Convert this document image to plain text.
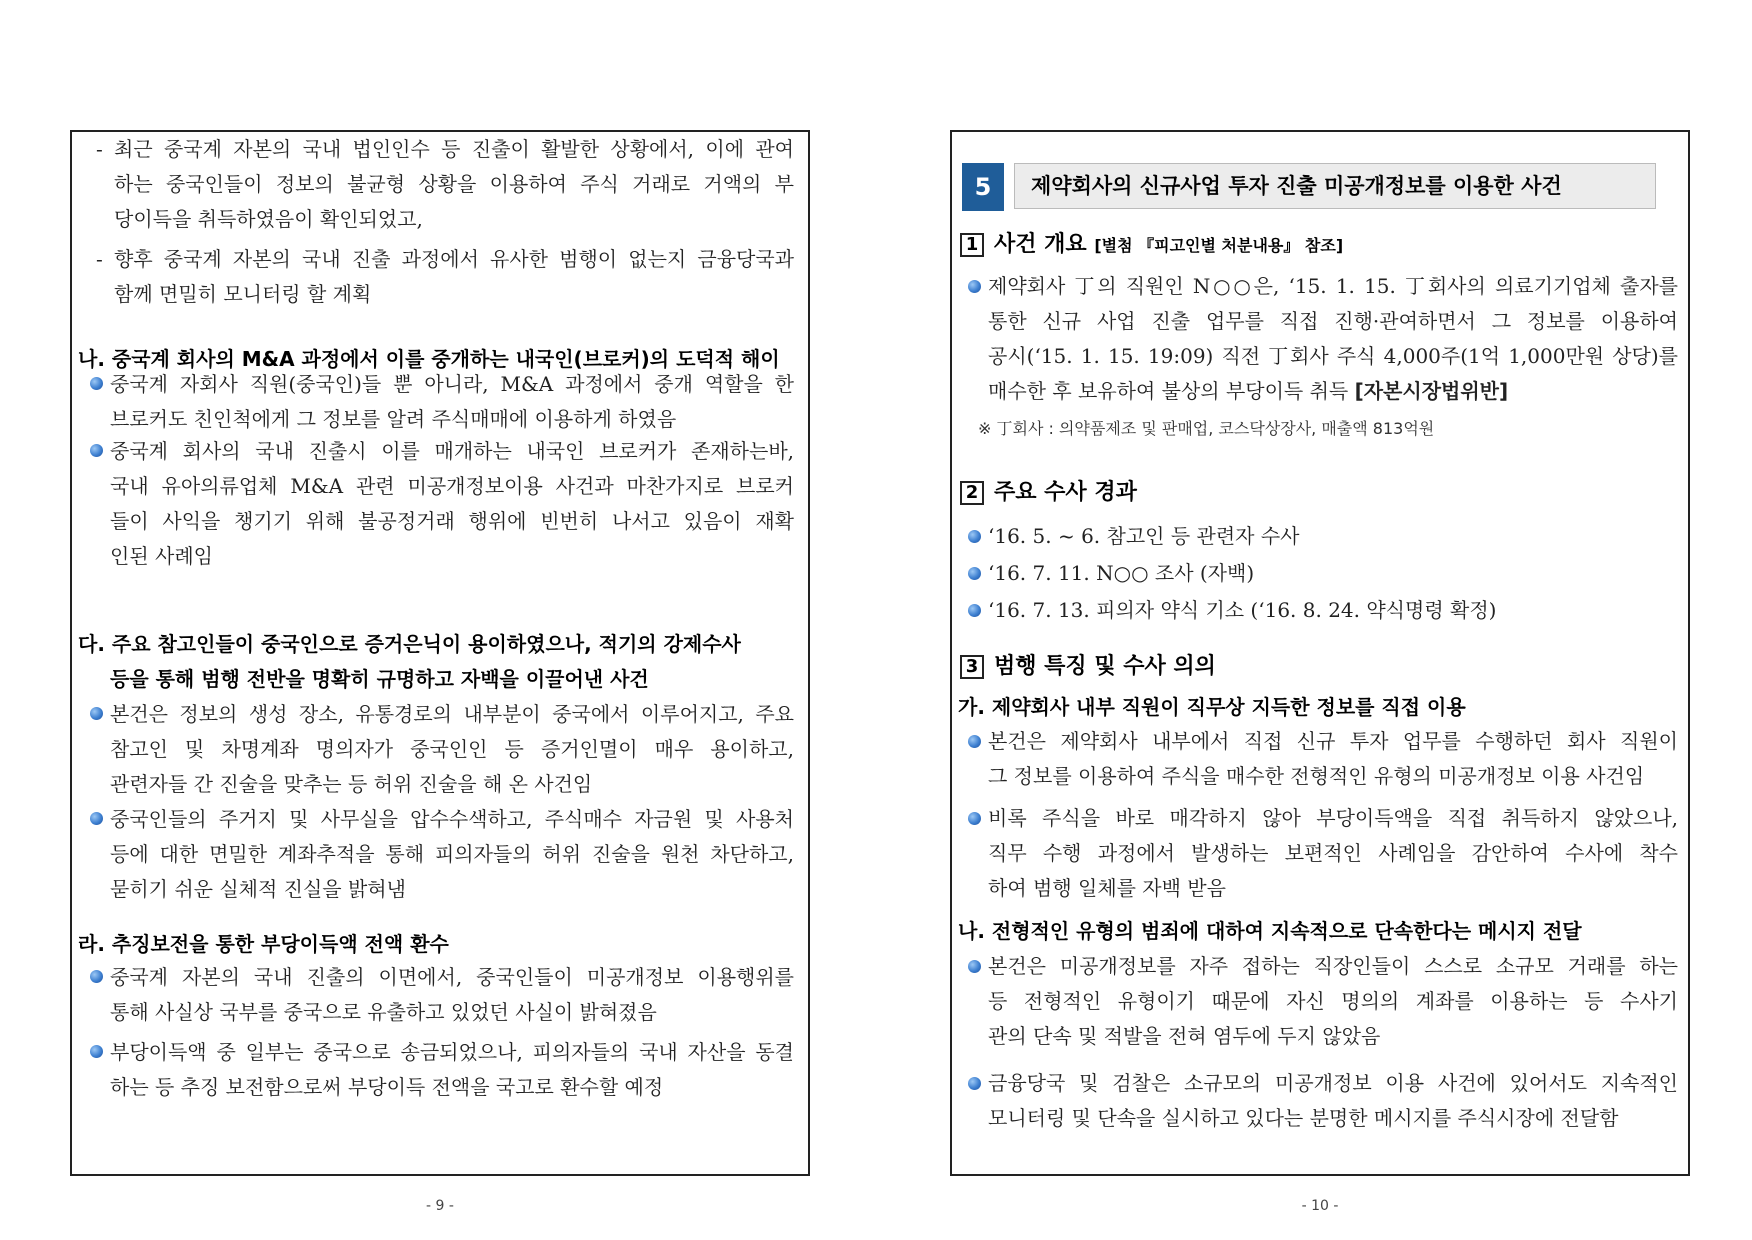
- 최근 중국계 자본의 국내 법인인수 등 진출이 활발한 상황에서, 이에 관여
하는 중국인들이 정보의 불균형 상황을 이용하여 주식 거래로 거액의 부
당이득을 취득하였음이 확인되었고,
- 향후 중국계 자본의 국내 진출 과정에서 유사한 범행이 없는지 금융당국과
함께 면밀히 모니터링 할 계획
나. 중국계 회사의 M&A 과정에서 이를 중개하는 내국인(브로커)의 도덕적 해이
중국계 자회사 직원(중국인)들 뿐 아니라, M&A 과정에서 중개 역할을 한
브로커도 친인척에게 그 정보를 알려 주식매매에 이용하게 하였음
중국계 회사의 국내 진출시 이를 매개하는 내국인 브로커가 존재하는바,
국내 유아의류업체 M&A 관련 미공개정보이용 사건과 마찬가지로 브로커
들이 사익을 챙기기 위해 불공정거래 행위에 빈번히 나서고 있음이 재확
인된 사례임
다. 주요 참고인들이 중국인으로 증거은닉이 용이하였으나, 적기의 강제수사
등을 통해 범행 전반을 명확히 규명하고 자백을 이끌어낸 사건
본건은 정보의 생성 장소, 유통경로의 내부분이 중국에서 이루어지고, 주요
참고인 및 차명계좌 명의자가 중국인인 등 증거인멸이 매우 용이하고,
관련자들 간 진술을 맞추는 등 허위 진술을 해 온 사건임
중국인들의 주거지 및 사무실을 압수수색하고, 주식매수 자금원 및 사용처
등에 대한 면밀한 계좌추적을 통해 피의자들의 허위 진술을 원천 차단하고,
묻히기 쉬운 실체적 진실을 밝혀냄
라. 추징보전을 통한 부당이득액 전액 환수
중국계 자본의 국내 진출의 이면에서, 중국인들이 미공개정보 이용행위를
통해 사실상 국부를 중국으로 유출하고 있었던 사실이 밝혀졌음
부당이득액 중 일부는 중국으로 송금되었으나, 피의자들의 국내 자산을 동결
하는 등 추징 보전함으로써 부당이득 전액을 국고로 환수할 예정
- 9 -
5	제약회사의 신규사업 투자 진출 미공개정보를 이용한 사건
1 사건 개요 [별첨 『피고인별 처분내용』 참조]
제약회사 丁의 직원인 N○○은, ‘15. 1. 15. 丁회사의 의료기기업체 출자를
통한 신규 사업 진출 업무를 직접 진행·관여하면서 그 정보를 이용하여
공시(‘15. 1. 15. 19:09) 직전 丁회사 주식 4,000주(1억 1,000만원 상당)를
매수한 후 보유하여 불상의 부당이득 취득 [자본시장법위반]
※ 丁회사 : 의약품제조 및 판매업, 코스닥상장사, 매출액 813억원
2 주요 수사 경과
‘16. 5. ~ 6. 참고인 등 관련자 수사
‘16. 7. 11. N○○ 조사 (자백)
‘16. 7. 13. 피의자 약식 기소 (‘16. 8. 24. 약식명령 확정)
3 범행 특징 및 수사 의의
가. 제약회사 내부 직원이 직무상 지득한 정보를 직접 이용
본건은 제약회사 내부에서 직접 신규 투자 업무를 수행하던 회사 직원이
그 정보를 이용하여 주식을 매수한 전형적인 유형의 미공개정보 이용 사건임
비록 주식을 바로 매각하지 않아 부당이득액을 직접 취득하지 않았으나,
직무 수행 과정에서 발생하는 보편적인 사례임을 감안하여 수사에 착수
하여 범행 일체를 자백 받음
나. 전형적인 유형의 범죄에 대하여 지속적으로 단속한다는 메시지 전달
본건은 미공개정보를 자주 접하는 직장인들이 스스로 소규모 거래를 하는
등 전형적인 유형이기 때문에 자신 명의의 계좌를 이용하는 등 수사기
관의 단속 및 적발을 전혀 염두에 두지 않았음
금융당국 및 검찰은 소규모의 미공개정보 이용 사건에 있어서도 지속적인
모니터링 및 단속을 실시하고 있다는 분명한 메시지를 주식시장에 전달함
- 10 -
